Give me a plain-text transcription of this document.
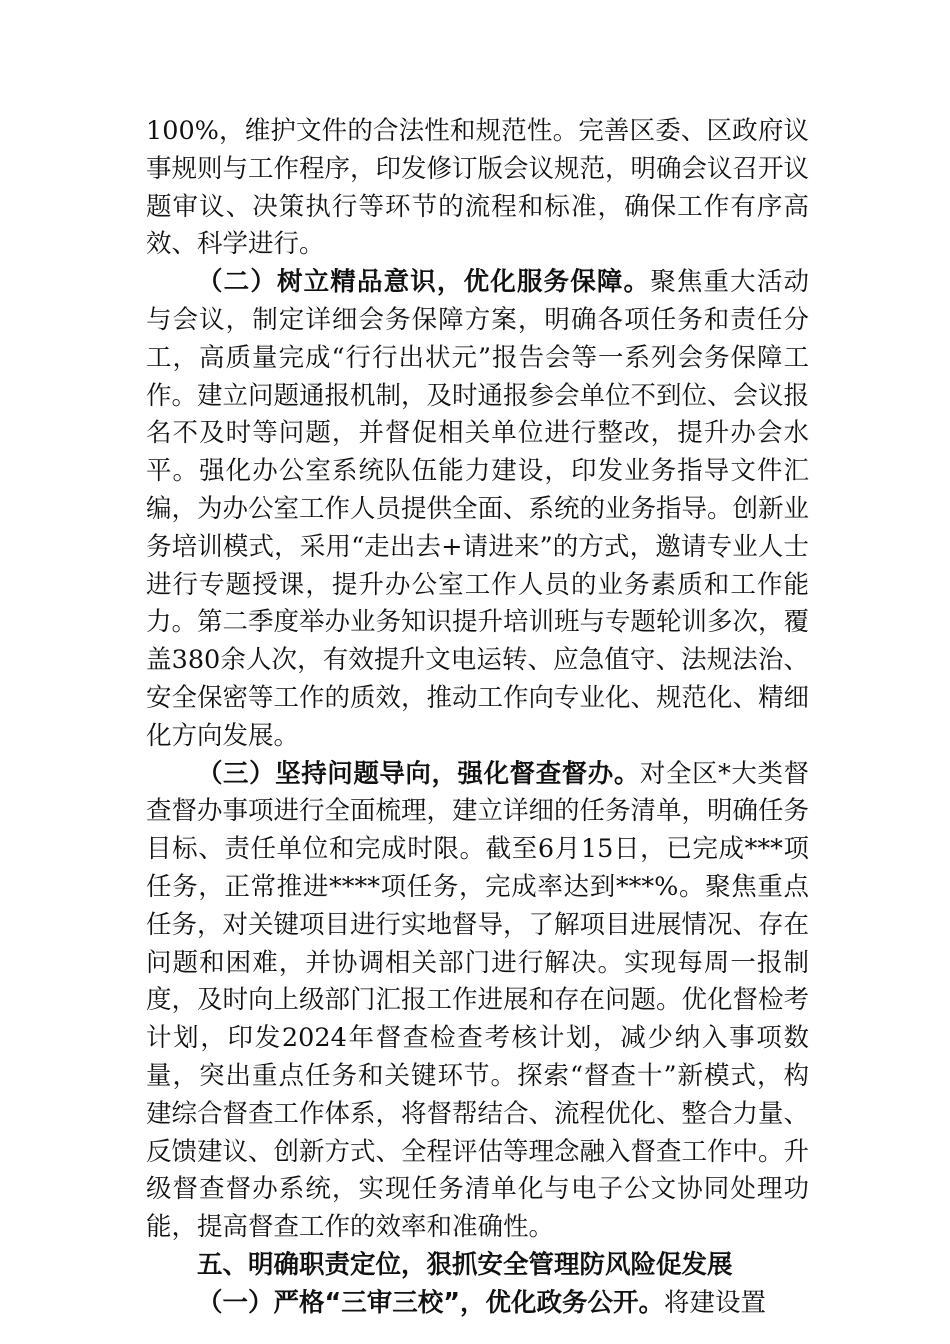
100%，维护文件的合法性和规范性。完善区委、区政府议事规则与工作程序，印发修订版会议规范，明确会议召开议题审议、决策执行等环节的流程和标准，确保工作有序高效、科学进行。

（二）树立精品意识，优化服务保障。聚焦重大活动与会议，制定详细会务保障方案，明确各项任务和责任分工，高质量完成“行行出状元”报告会等一系列会务保障工作。建立问题通报机制，及时通报参会单位不到位、会议报名不及时等问题，并督促相关单位进行整改，提升办会水平。强化办公室系统队伍能力建设，印发业务指导文件汇编，为办公室工作人员提供全面、系统的业务指导。创新业务培训模式，采用“走出去+请进来”的方式，邀请专业人士进行专题授课，提升办公室工作人员的业务素质和工作能力。第二季度举办业务知识提升培训班与专题轮训多次，覆盖380余人次，有效提升文电运转、应急值守、法规法治、安全保密等工作的质效，推动工作向专业化、规范化、精细化方向发展。

（三）坚持问题导向，强化督查督办。对全区*大类督查督办事项进行全面梳理，建立详细的任务清单，明确任务目标、责任单位和完成时限。截至6月15日，已完成***项任务，正常推进****项任务，完成率达到***%。聚焦重点任务，对关键项目进行实地督导，了解项目进展情况、存在问题和困难，并协调相关部门进行解决。实现每周一报制度，及时向上级部门汇报工作进展和存在问题。优化督检考计划，印发2024年督查检查考核计划，减少纳入事项数量，突出重点任务和关键环节。探索“督查十”新模式，构建综合督查工作体系，将督帮结合、流程优化、整合力量、反馈建议、创新方式、全程评估等理念融入督查工作中。升级督查督办系统，实现任务清单化与电子公文协同处理功能，提高督查工作的效率和准确性。

五、明确职责定位，狠抓安全管理防风险促发展

（一）严格“三审三校”，优化政务公开。将建设置
